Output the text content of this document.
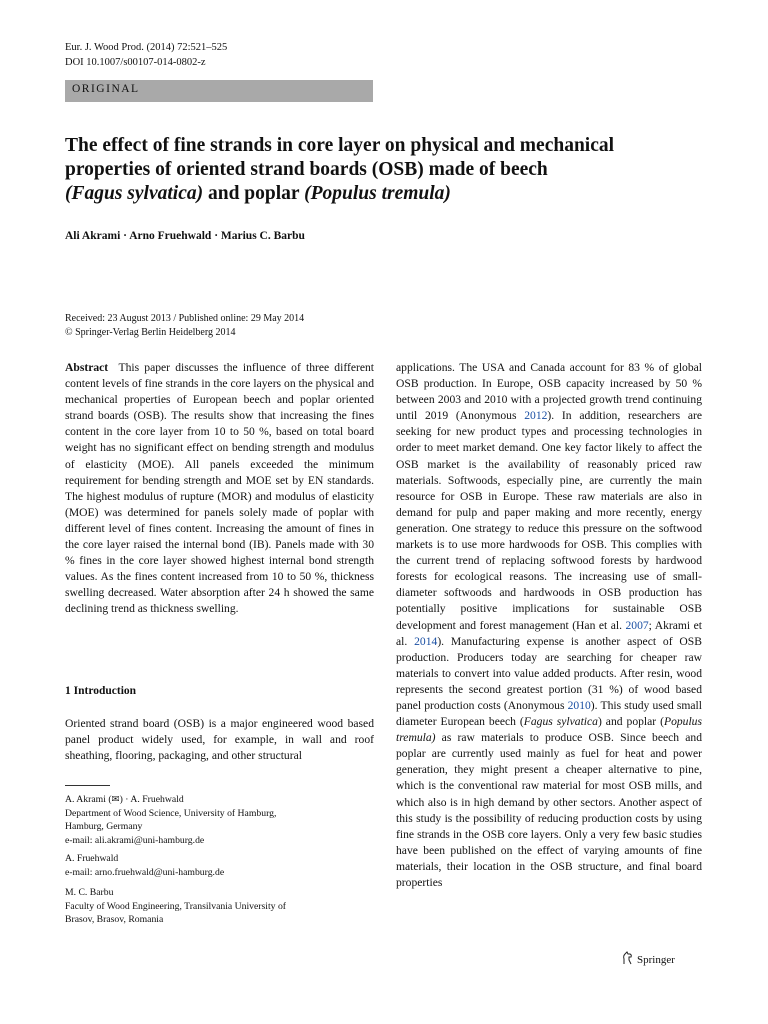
Eur. J. Wood Prod. (2014) 72:521–525
DOI 10.1007/s00107-014-0802-z
ORIGINAL
The effect of fine strands in core layer on physical and mechanical
properties of oriented strand boards (OSB) made of beech
(Fagus sylvatica) and poplar (Populus tremula)
Ali Akrami · Arno Fruehwald · Marius C. Barbu
Received: 23 August 2013 / Published online: 29 May 2014
© Springer-Verlag Berlin Heidelberg 2014

Abstract This paper discusses the influence of three different content levels of fine strands in the core layers on the physical and mechanical properties of European beech and poplar oriented strand boards (OSB). The results show that increasing the fines content in the core layer from 10 to 50 %, based on total board weight has no significant effect on bending strength and modulus of elasticity (MOE). All panels exceeded the minimum requirement for bending strength and MOE set by EN standards. The highest modulus of rupture (MOR) and modulus of elasticity (MOE) was determined for panels solely made of poplar with different level of fines content. Increasing the amount of fines in the core layer raised the internal bond (IB). Panels made with 30 % fines in the core layer showed highest internal bond strength values. As the fines content increased from 10 to 50 %, thickness swelling decreased. Water absorption after 24 h showed the same declining trend as thickness swelling.

1 Introduction

Oriented strand board (OSB) is a major engineered wood based panel product widely used, for example, in wall and roof sheathing, flooring, packaging, and other structural

A. Akrami (✉) · A. Fruehwald
Department of Wood Science, University of Hamburg,
Hamburg, Germany
e-mail: ali.akrami@uni-hamburg.de
A. Fruehwald
e-mail: arno.fruehwald@uni-hamburg.de
M. C. Barbu
Faculty of Wood Engineering, Transilvania University of
Brasov, Brasov, Romania

applications. The USA and Canada account for 83 % of global OSB production. In Europe, OSB capacity increased by 50 % between 2003 and 2010 with a projected growth trend continuing until 2019 (Anonymous 2012). In addition, researchers are seeking for new product types and processing technologies in order to meet market demand. One key factor likely to affect the OSB market is the availability of reasonably priced raw materials. Softwoods, especially pine, are currently the main resource for OSB in Europe. These raw materials are also in demand for pulp and paper making and more recently, energy generation. One strategy to reduce this pressure on the softwood markets is to use more hardwoods for OSB. This complies with the current trend of replacing softwood forests by hardwood forests for ecological reasons. The increasing use of small-diameter softwoods and hardwoods in OSB production has potentially positive implications for sustainable OSB development and forest management (Han et al. 2007; Akrami et al. 2014). Manufacturing expense is another aspect of OSB production. Producers today are searching for cheaper raw materials to convert into value added products. After resin, wood represents the second greatest portion (31 %) of wood based panel production costs (Anonymous 2010). This study used small diameter European beech (Fagus sylvatica) and poplar (Populus tremula) as raw materials to produce OSB. Since beech and poplar are currently used mainly as fuel for heat and power generation, they might present a cheaper alternative to pine, which is the conventional raw material for most OSB mills, and which also is in high demand by other sectors. Another aspect of this study is the possibility of reducing production costs by using fine strands in the OSB core layers. Only a very few basic studies have been published on the effect of varying amounts of fine materials, their location in the OSB structure, and final board properties

Springer
